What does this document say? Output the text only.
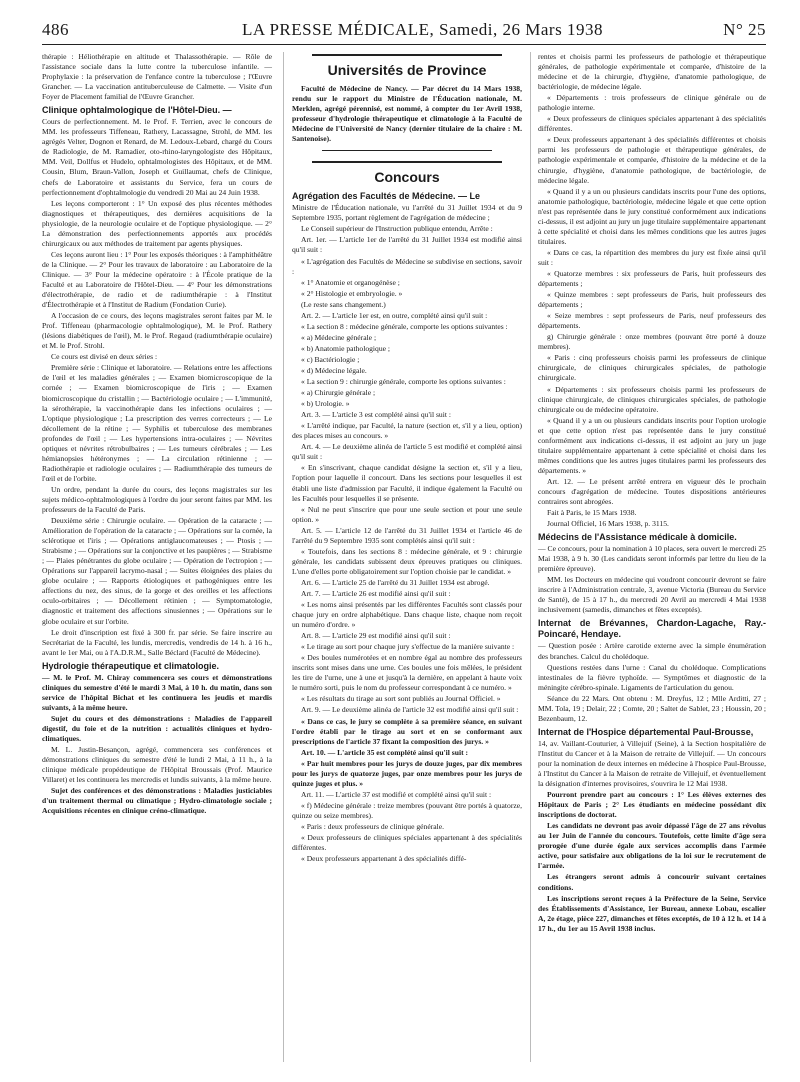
486	LA PRESSE MÉDICALE, Samedi, 26 Mars 1938	N° 25

thérapie : Héliothérapie en altitude et Thalassothérapie. — Rôle de l'assistance sociale dans la lutte contre la tuberculose infantile. — Prophylaxie : la préservation de l'enfance contre la tuberculose ; l'Œuvre Grancher. — La vaccination antituberculeuse de Calmette. — Visite d'un Foyer de Placement familial de l'Œuvre Grancher.

Clinique ophtalmologique de l'Hôtel-Dieu. —

Cours de perfectionnement. M. le Prof. F. Terrien, avec le concours de MM. les professeurs Tiffeneau, Rathery, Lacassagne, Strohl, de MM. les agrégés Velter, Dognon et Renard, de M. Ledoux-Lebard, chargé du Cours de Radiologie, de M. Ramadier, oto-rhino-laryngologiste des Hôpitaux, MM. Veil, Dollfus et Hudelo, ophtalmologistes des Hôpitaux, et de MM. Cousin, Blum, Braun-Vallon, Joseph et Guillaumat, chefs de Clinique, chefs de Laboratoire et assistants du Service, fera un cours de perfectionnement d'ophtalmologie du vendredi 20 Mai au 24 Juin 1938.

Les leçons comporteront : 1° Un exposé des plus récentes méthodes diagnostiques et thérapeutiques, des dernières acquisitions de la physiologie, de la neurologie oculaire et de l'optique physiologique. — 2° La démonstration des perfectionnements apportés aux procédés chirurgicaux ou aux méthodes de traitement par agents physiques.

Ces leçons auront lieu : 1° Pour les exposés théoriques : à l'amphithéâtre de la Clinique. — 2° Pour les travaux de laboratoire : au Laboratoire de la Clinique. — 3° Pour la médecine opératoire : à l'École pratique de la Faculté et au Laboratoire de l'Hôtel-Dieu. — 4° Pour les démonstrations d'électrothérapie, de radio et de radiumthérapie : à l'Institut d'Électrothérapie et à l'Institut de Radium (Fondation Curie).

A l'occasion de ce cours, des leçons magistrales seront faites par M. le Prof. Tiffeneau (pharmacologie ophtalmologique), M. le Prof. Rathery (lésions diabétiques de l'œil), M. le Prof. Regaud (radiumthérapie oculaire) et M. le Prof. Strohl.

Ce cours est divisé en deux séries :

Première série : Clinique et laboratoire. — Relations entre les affections de l'œil et les maladies générales ; — Examen biomicroscopique de la cornée ; — Examen biomicroscopique de l'iris ; — Examen biomicroscopique du cristallin ; — Bactériologie oculaire ; — L'immunité, la sérothérapie, la vaccinothérapie dans les infections oculaires ; — L'optique physiologique ; La prescription des verres correcteurs ; — Le décollement de la rétine ; — Syphilis et tuberculose des membranes profondes de l'œil ; — Les hypertensions intra-oculaires ; — Névrites optiques et névrites rétrobulbaires ; — Les tumeurs cérébrales ; — Les hémianopsies hétéronymes ; — La circulation rétinienne ; — Radiothérapie et radiologie oculaires ; — Radiumthérapie des tumeurs de l'œil et de l'orbite.

Un ordre, pendant la durée du cours, des leçons magistrales sur les sujets médico-ophtalmologiques à l'ordre du jour seront faites par MM. les professeurs de la Faculté de Paris.

Deuxième série : Chirurgie oculaire. — Opération de la cataracte ; — Amélioration de l'opération de la cataracte ; — Opérations sur la cornée, la sclérotique et l'iris ; — Opérations antiglaucomateuses ; — Ptosis ; — Strabisme ; — Opérations sur la conjonctive et les paupières ; — Strabisme ; — Plaies pénétrantes du globe oculaire ; — Opération de l'ectropion ; — Opérations sur l'appareil lacrymo-nasal ; — Suites éloignées des plaies du globe oculaire ; — Rapports étiologiques et pathogéniques entre les affections du nez, des sinus, de la gorge et des oreilles et les affections oculo-orbitaires ; — Décollement rétinien ; — Symptomatologie, diagnostic et traitement des affections sinusiennes ; — Opérations sur le globe oculaire et sur l'orbite.

Le droit d'inscription est fixé à 300 fr. par série. Se faire inscrire au Secrétariat de la Faculté, les lundis, mercredis, vendredis de 14 h. à 16 h., avant le 1er Mai, ou à l'A.D.R.M., Salle Béclard (Faculté de Médecine).

Hydrologie thérapeutique et climatologie.

— M. le Prof. M. Chiray commencera ses cours et démonstrations cliniques du semestre d'été le mardi 3 Mai, à 10 h. du matin, dans son service de l'hôpital Bichat et les continuera les jeudis et mardis suivants, à la même heure.

Sujet du cours et des démonstrations : Maladies de l'appareil digestif, du foie et de la nutrition : actualités cliniques et hydro-climatiques.

M. L. Justin-Besançon, agrégé, commencera ses conférences et démonstrations cliniques du semestre d'été le lundi 2 Mai, à 11 h., à la clinique médicale propédeutique de l'Hôpital Broussais (Prof. Maurice Villaret) et les continuera les mercredis et lundis suivants, à la même heure.

Sujet des conférences et des démonstrations : Maladies justiciables d'un traitement thermal ou climatique ; Hydro-climatologie sociale ; Acquisitions récentes en clinique créno-climatique.

Universités de Province

Faculté de Médecine de Nancy. — Par décret du 14 Mars 1938, rendu sur le rapport du Ministre de l'Éducation nationale, M. Merklen, agrégé pérennisé, est nommé, à compter du 1er Avril 1938, professeur d'hydrologie thérapeutique et climatologie à la Faculté de Médecine de l'Université de Nancy (dernier titulaire de la chaire : M. Santenoise).

Concours
Agrégation des Facultés de Médecine. — Le

Ministre de l'Éducation nationale, vu l'arrêté du 31 Juillet 1934 et du 9 Septembre 1935, portant règlement de l'agrégation de médecine ;

Le Conseil supérieur de l'Instruction publique entendu, Arrête :

Art. 1er. — L'article 1er de l'arrêté du 31 Juillet 1934 est modifié ainsi qu'il suit :

« L'agrégation des Facultés de Médecine se subdivise en sections, savoir :

« 1° Anatomie et organogénèse ;

« 2° Histologie et embryologie. »

(Le reste sans changement.)

Art. 2. — L'article 1er est, en outre, complété ainsi qu'il suit :

« La section 8 : médecine générale, comporte les options suivantes :

« a) Médecine générale ;

« b) Anatomie pathologique ;

« c) Bactériologie ;

« d) Médecine légale.

« La section 9 : chirurgie générale, comporte les options suivantes :

« a) Chirurgie générale ;

« b) Urologie. »

Art. 3. — L'article 3 est complété ainsi qu'il suit :

« L'arrêté indique, par Faculté, la nature (section et, s'il y a lieu, option) des places mises au concours. »

Art. 4. — Le deuxième alinéa de l'article 5 est modifié et complété ainsi qu'il suit :

« En s'inscrivant, chaque candidat désigne la section et, s'il y a lieu, l'option pour laquelle il concourt. Dans les sections pour lesquelles il est établi une liste d'admission par Faculté, il indique également la Faculté ou les Facultés pour lesquelles il se présente.

« Nul ne peut s'inscrire que pour une seule section et pour une seule option. »

Art. 5. — L'article 12 de l'arrêté du 31 Juillet 1934 et l'article 46 de l'arrêté du 9 Septembre 1935 sont complétés ainsi qu'il suit :

« Toutefois, dans les sections 8 : médecine générale, et 9 : chirurgie générale, les candidats subissent deux épreuves pratiques ou cliniques. L'une d'elles porte obligatoirement sur l'option choisie par le candidat. »

Art. 6. — L'article 25 de l'arrêté du 31 Juillet 1934 est abrogé.

Art. 7. — L'article 26 est modifié ainsi qu'il suit :

« Les noms ainsi présentés par les différentes Facultés sont classés pour chaque jury en ordre alphabétique. Dans chaque liste, chaque nom reçoit un numéro d'ordre. »

Art. 8. — L'article 29 est modifié ainsi qu'il suit :

« Le tirage au sort pour chaque jury s'effectue de la manière suivante :

« Des boules numérotées et en nombre égal au nombre des professeurs inscrits sont mises dans une urne. Ces boules une fois mêlées, le président les tire de l'urne, une à une et jusqu'à la dernière, en appelant à haute voix le numéro sorti, puis le nom du professeur correspondant à ce numéro. »

« Les résultats du tirage au sort sont publiés au Journal Officiel. »

Art. 9. — Le deuxième alinéa de l'article 32 est modifié ainsi qu'il suit :

« Dans ce cas, le jury se complète à sa première séance, en suivant l'ordre établi par le tirage au sort et en se conformant aux prescriptions de l'article 37 fixant la composition des jurys. »

Art. 10. — L'article 35 est complété ainsi qu'il suit :

« Par huit membres pour les jurys de douze juges, par dix membres pour les jurys de quatorze juges, par onze membres pour les jurys de quinze juges et plus. »

Art. 11. — L'article 37 est modifié et complété ainsi qu'il suit :

« f) Médecine générale : treize membres (pouvant être portés à quatorze, quinze ou seize membres).

« Paris : deux professeurs de clinique générale.

« Deux professeurs de cliniques spéciales appartenant à des spécialités différentes.

« Deux professeurs appartenant à des spécialités diffé-

rentes et choisis parmi les professeurs de pathologie et thérapeutique générales, de pathologie expérimentale et comparée, d'histoire de la médecine et de la chirurgie, d'hygiène, d'anatomie pathologique, de bactériologie, de médecine légale.

« Départements : trois professeurs de clinique générale ou de pathologie interne.

« Deux professeurs de cliniques spéciales appartenant à des spécialités différentes.

« Deux professeurs appartenant à des spécialités différentes et choisis parmi les professeurs de pathologie et thérapeutique générales, de pathologie expérimentale et comparée, d'histoire de la médecine et de la chirurgie, d'hygiène, d'anatomie pathologique, de bactériologie, de médecine légale.

« Quand il y a un ou plusieurs candidats inscrits pour l'une des options, anatomie pathologique, bactériologie, médecine légale et que cette option n'est pas représentée dans le jury constitué conformément aux indications ci-dessus, il est adjoint au jury un juge titulaire supplémentaire appartenant à cette spécialité et choisi dans les mêmes conditions que les autres juges titulaires.

« Dans ce cas, la répartition des membres du jury est fixée ainsi qu'il suit :

« Quatorze membres : six professeurs de Paris, huit professeurs des départements ;

« Quinze membres : sept professeurs de Paris, huit professeurs des départements ;

« Seize membres : sept professeurs de Paris, neuf professeurs des départements.

g) Chirurgie générale : onze membres (pouvant être porté à douze membres).

« Paris : cinq professeurs choisis parmi les professeurs de clinique chirurgicale, de cliniques chirurgicales spéciales, de pathologie chirurgicale.

« Départements : six professeurs choisis parmi les professeurs de clinique chirurgicale, de cliniques chirurgicales spéciales, de pathologie chirurgicale ou de médecine opératoire.

« Quand il y a un ou plusieurs candidats inscrits pour l'option urologie et que cette option n'est pas représentée dans le jury constitué conformément aux indications ci-dessus, il est adjoint au jury un juge titulaire supplémentaire appartenant à cette spécialité et choisi dans les mêmes conditions que les autres juges titulaires parmi les professeurs des départements. »

Art. 12. — Le présent arrêté entrera en vigueur dès le prochain concours d'agrégation de médecine. Toutes dispositions antérieures contraires sont abrogées.

Fait à Paris, le 15 Mars 1938.

Journal Officiel, 16 Mars 1938, p. 3115.

Médecins de l'Assistance médicale à domicile.

— Ce concours, pour la nomination à 10 places, sera ouvert le mercredi 25 Mai 1938, à 9 h. 30 (Les candidats seront informés par lettre du lieu de la première épreuve).

MM. les Docteurs en médecine qui voudront concourir devront se faire inscrire à l'Administration centrale, 3, avenue Victoria (Bureau du Service de Santé), de 15 à 17 h., du mercredi 20 Avril au mercredi 4 Mai 1938 inclusivement (samedis, dimanches et fêtes exceptés).

Internat de Brévannes, Chardon-Lagache, Ray.-Poincaré, Hendaye.

— Question posée : Artère carotide externe avec la simple énumération des branches. Calcul du cholédoque.

Questions restées dans l'urne : Canal du cholédoque. Complications intestinales de la fièvre typhoïde. — Symptômes et diagnostic de la méningite cérébro-spinale. Ligaments de l'articulation du genou.

Séance du 22 Mars. Ont obtenu : M. Dreyfus, 12 ; Mlle Arditti, 27 ; MM. Tola, 19 ; Delair, 22 ; Comte, 20 ; Saltet de Sablet, 23 ; Houssin, 20 ; Bezenbaum, 12.

Internat de l'Hospice départemental Paul-Brousse,

14, av. Vaillant-Couturier, à Villejuif (Seine), à la Section hospitalière de l'Institut du Cancer et à la Maison de retraite de Villejuif. — Un concours pour la nomination de deux internes en médecine à l'hospice Paul-Brousse, à l'Institut du Cancer à la Maison de retraite de Villejuif, et éventuellement la désignation d'internes provisoires, s'ouvrira le 12 Mai 1938.

Pourront prendre part au concours : 1° Les élèves externes des Hôpitaux de Paris ; 2° Les étudiants en médecine possédant dix inscriptions de doctorat.

Les candidats ne devront pas avoir dépassé l'âge de 27 ans révolus au 1er Juin de l'année du concours. Toutefois, cette limite d'âge sera prorogée d'une durée égale aux services accomplis dans l'armée active, pour satisfaire aux obligations de la loi sur le recrutement de l'armée.

Les étrangers seront admis à concourir suivant certaines conditions.

Les inscriptions seront reçues à la Préfecture de la Seine, Service des Établissements d'Assistance, 1er Bureau, annexe Lobau, escalier A, 2e étage, pièce 227, dimanches et fêtes exceptés, de 10 à 12 h. et 14 à 17 h., du 1er au 15 Avril 1938 inclus.
